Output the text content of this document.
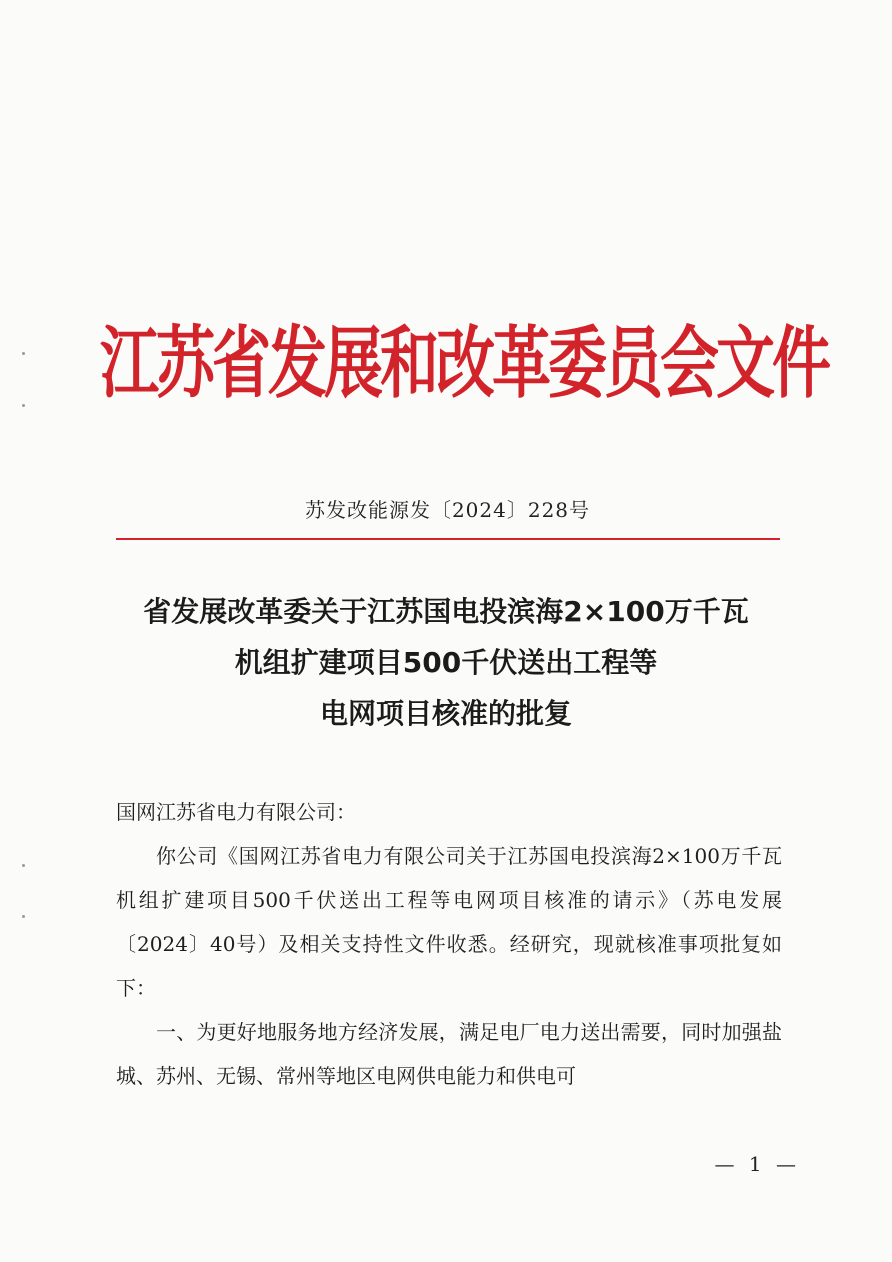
江苏省发展和改革委员会文件
苏发改能源发〔2024〕228号
省发展改革委关于江苏国电投滨海2×100万千瓦
机组扩建项目500千伏送出工程等
电网项目核准的批复

国网江苏省电力有限公司：

你公司《国网江苏省电力有限公司关于江苏国电投滨海2×100万千瓦机组扩建项目500千伏送出工程等电网项目核准的请示》（苏电发展〔2024〕40号）及相关支持性文件收悉。经研究，现就核准事项批复如下：

一、为更好地服务地方经济发展，满足电厂电力送出需要，同时加强盐城、苏州、无锡、常州等地区电网供电能力和供电可

— 1 —
